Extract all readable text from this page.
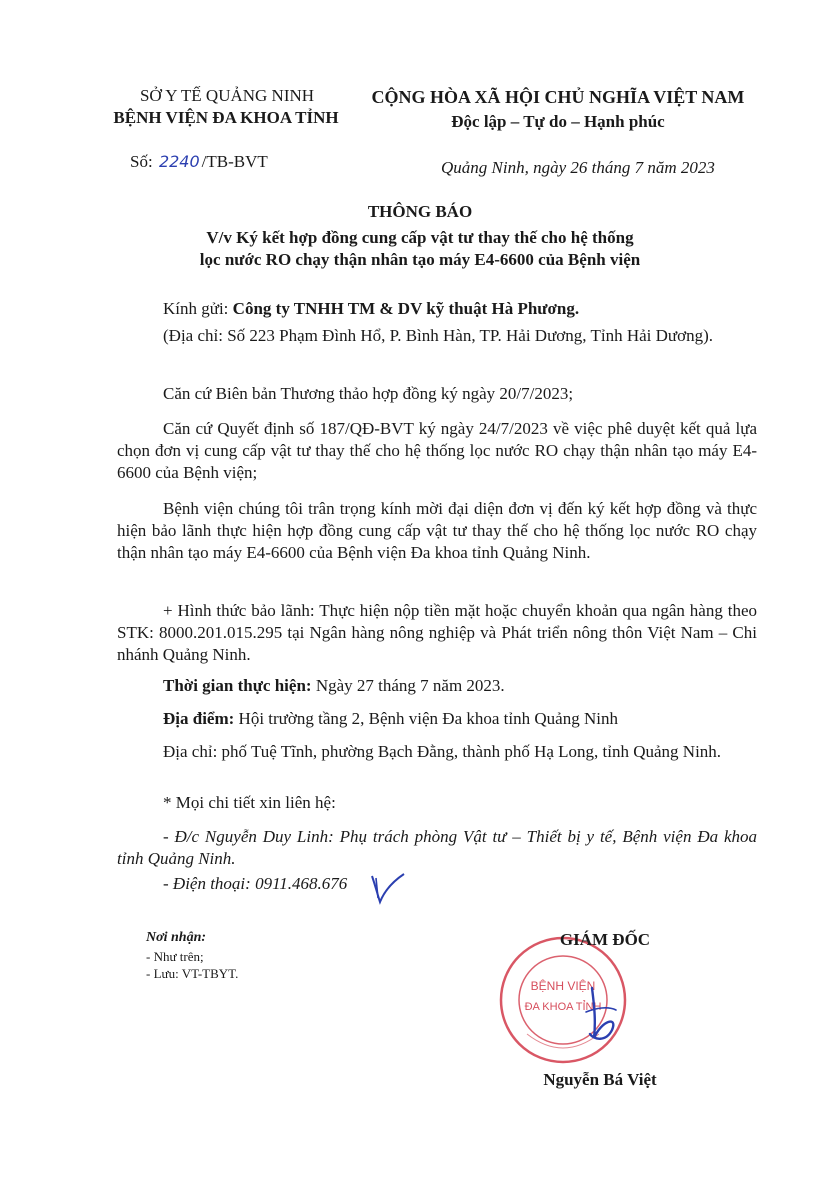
SỞ Y TẾ QUẢNG NINH
BỆNH VIỆN ĐA KHOA TỈNH
CỘNG HÒA XÃ HỘI CHỦ NGHĨA VIỆT NAM
Độc lập – Tự do – Hạnh phúc
Số: 2240 /TB-BVT	Quảng Ninh, ngày 26 tháng 7 năm 2023
THÔNG BÁO
V/v Ký kết hợp đồng cung cấp vật tư thay thế cho hệ thống
lọc nước RO chạy thận nhân tạo máy E4-6600 của Bệnh viện
Kính gửi: Công ty TNHH TM & DV kỹ thuật Hà Phương.
(Địa chỉ: Số 223 Phạm Đình Hổ, P. Bình Hàn, TP. Hải Dương, Tỉnh Hải Dương).
Căn cứ Biên bản Thương thảo hợp đồng ký ngày 20/7/2023;
Căn cứ Quyết định số 187/QĐ-BVT ký ngày 24/7/2023 về việc phê duyệt kết quả lựa chọn đơn vị cung cấp vật tư thay thế cho hệ thống lọc nước RO chạy thận nhân tạo máy E4-6600 của Bệnh viện;
Bệnh viện chúng tôi trân trọng kính mời đại diện đơn vị đến ký kết hợp đồng và thực hiện bảo lãnh thực hiện hợp đồng cung cấp vật tư thay thế cho hệ thống lọc nước RO chạy thận nhân tạo máy E4-6600 của Bệnh viện Đa khoa tỉnh Quảng Ninh.
+ Hình thức bảo lãnh: Thực hiện nộp tiền mặt hoặc chuyển khoản qua ngân hàng theo STK: 8000.201.015.295 tại Ngân hàng nông nghiệp và Phát triển nông thôn Việt Nam – Chi nhánh Quảng Ninh.
Thời gian thực hiện: Ngày 27 tháng 7 năm 2023.
Địa điểm: Hội trường tầng 2, Bệnh viện Đa khoa tỉnh Quảng Ninh
Địa chỉ: phố Tuệ Tĩnh, phường Bạch Đằng, thành phố Hạ Long, tỉnh Quảng Ninh.
* Mọi chi tiết xin liên hệ:
- Đ/c Nguyễn Duy Linh: Phụ trách phòng Vật tư – Thiết bị y tế, Bệnh viện Đa khoa tỉnh Quảng Ninh.
- Điện thoại: 0911.468.676
Nơi nhận:
- Như trên;
- Lưu: VT-TBYT.
BỆNH VIỆN
ĐA KHOA TỈNH
GIÁM ĐỐC
Nguyễn Bá Việt
